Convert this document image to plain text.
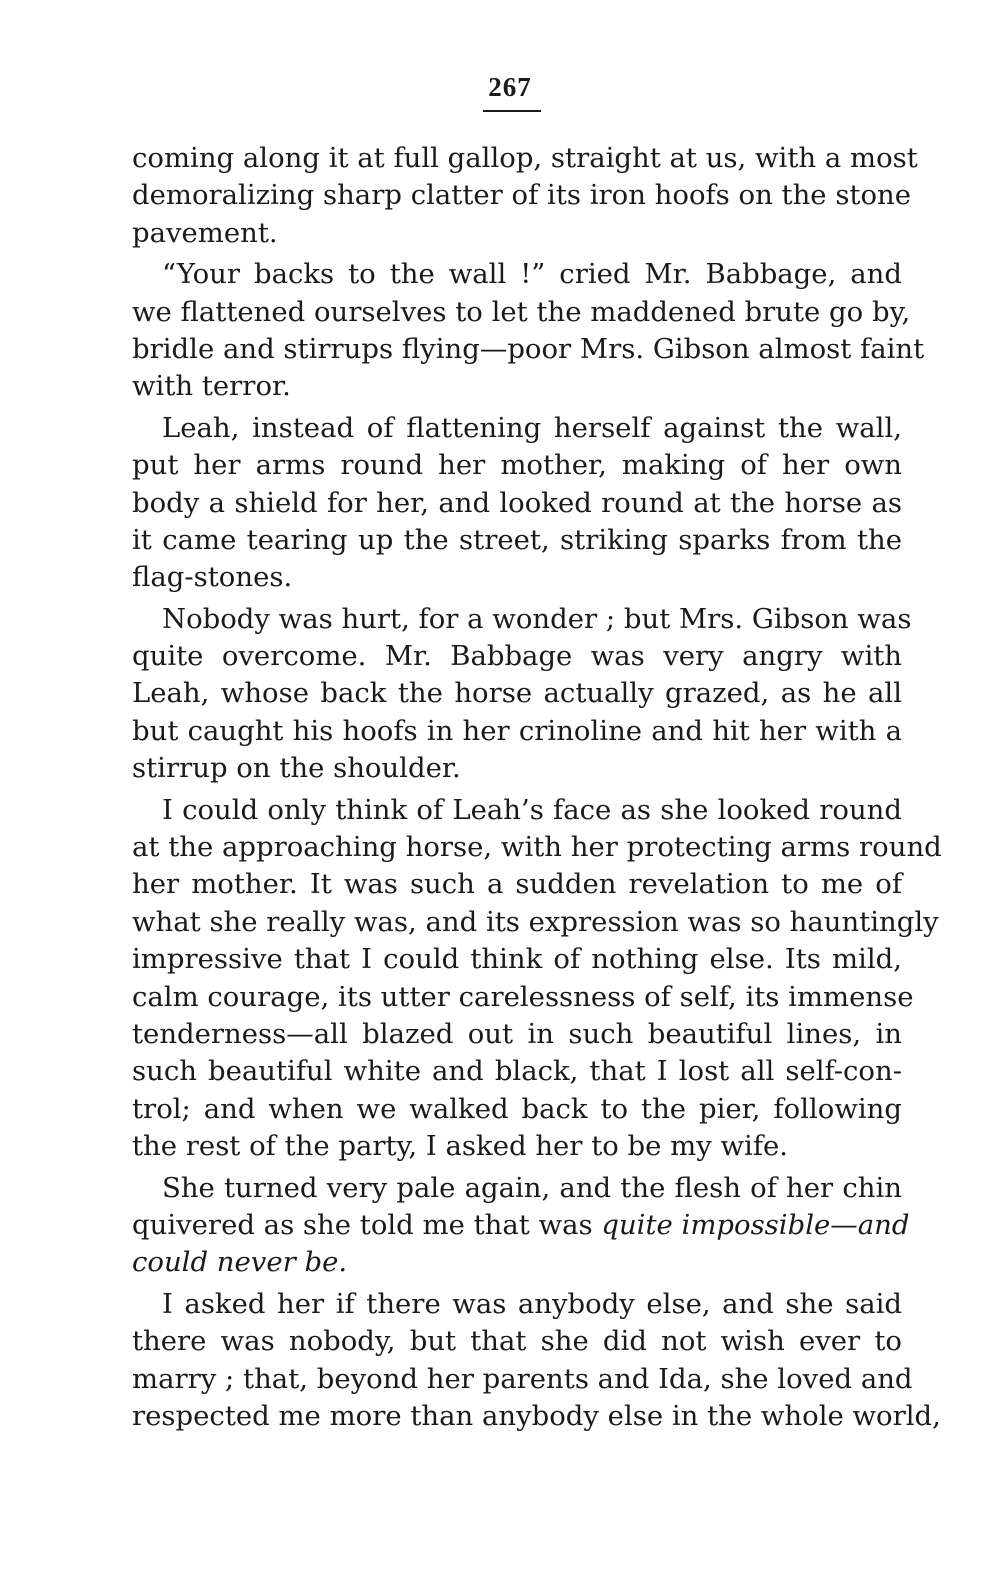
267
coming along it at full gallop, straight at us, with a most
demoralizing sharp clatter of its iron hoofs on the stone
pavement.
“Your backs to the wall !” cried Mr. Babbage, and
we flattened ourselves to let the maddened brute go by,
bridle and stirrups flying—poor Mrs. Gibson almost faint
with terror.
Leah, instead of flattening herself against the wall,
put her arms round her mother, making of her own
body a shield for her, and looked round at the horse as
it came tearing up the street, striking sparks from the
flag-stones.
Nobody was hurt, for a wonder ; but Mrs. Gibson was
quite overcome. Mr. Babbage was very angry with
Leah, whose back the horse actually grazed, as he all
but caught his hoofs in her crinoline and hit her with a
stirrup on the shoulder.
I could only think of Leah’s face as she looked round
at the approaching horse, with her protecting arms round
her mother. It was such a sudden revelation to me of
what she really was, and its expression was so hauntingly
impressive that I could think of nothing else. Its mild,
calm courage, its utter carelessness of self, its immense
tenderness—all blazed out in such beautiful lines, in
such beautiful white and black, that I lost all self-con-
trol; and when we walked back to the pier, following
the rest of the party, I asked her to be my wife.
She turned very pale again, and the flesh of her chin
quivered as she told me that was quite impossible—and
could never be.
I asked her if there was anybody else, and she said
there was nobody, but that she did not wish ever to
marry ; that, beyond her parents and Ida, she loved and
respected me more than anybody else in the whole world,
